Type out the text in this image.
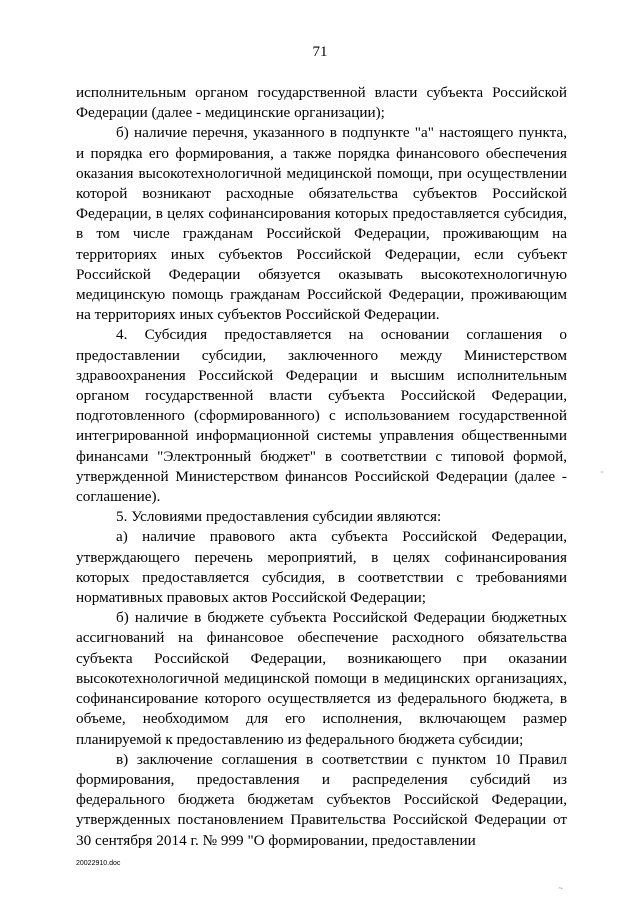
71

исполнительным органом государственной власти субъекта Российской Федерации (далее - медицинские организации);

б) наличие перечня, указанного в подпункте "а" настоящего пункта, и порядка его формирования, а также порядка финансового обеспечения оказания высокотехнологичной медицинской помощи, при осуществлении которой возникают расходные обязательства субъектов Российской Федерации, в целях софинансирования которых предоставляется субсидия, в том числе гражданам Российской Федерации, проживающим на территориях иных субъектов Российской Федерации, если субъект Российской Федерации обязуется оказывать высокотехнологичную медицинскую помощь гражданам Российской Федерации, проживающим на территориях иных субъектов Российской Федерации.

4. Субсидия предоставляется на основании соглашения о предоставлении субсидии, заключенного между Министерством здравоохранения Российской Федерации и высшим исполнительным органом государственной власти субъекта Российской Федерации, подготовленного (сформированного) с использованием государственной интегрированной информационной системы управления общественными финансами "Электронный бюджет" в соответствии с типовой формой, утвержденной Министерством финансов Российской Федерации (далее - соглашение).

5. Условиями предоставления субсидии являются:

а) наличие правового акта субъекта Российской Федерации, утверждающего перечень мероприятий, в целях софинансирования которых предоставляется субсидия, в соответствии с требованиями нормативных правовых актов Российской Федерации;

б) наличие в бюджете субъекта Российской Федерации бюджетных ассигнований на финансовое обеспечение расходного обязательства субъекта Российской Федерации, возникающего при оказании высокотехнологичной медицинской помощи в медицинских организациях, софинансирование которого осуществляется из федерального бюджета, в объеме, необходимом для его исполнения, включающем размер планируемой к предоставлению из федерального бюджета субсидии;

в) заключение соглашения в соответствии с пунктом 10 Правил формирования, предоставления и распределения субсидий из федерального бюджета бюджетам субъектов Российской Федерации, утвержденных постановлением Правительства Российской Федерации от 30 сентября 2014 г. № 999 "О формировании, предоставлении

-
20022910.doc
~
